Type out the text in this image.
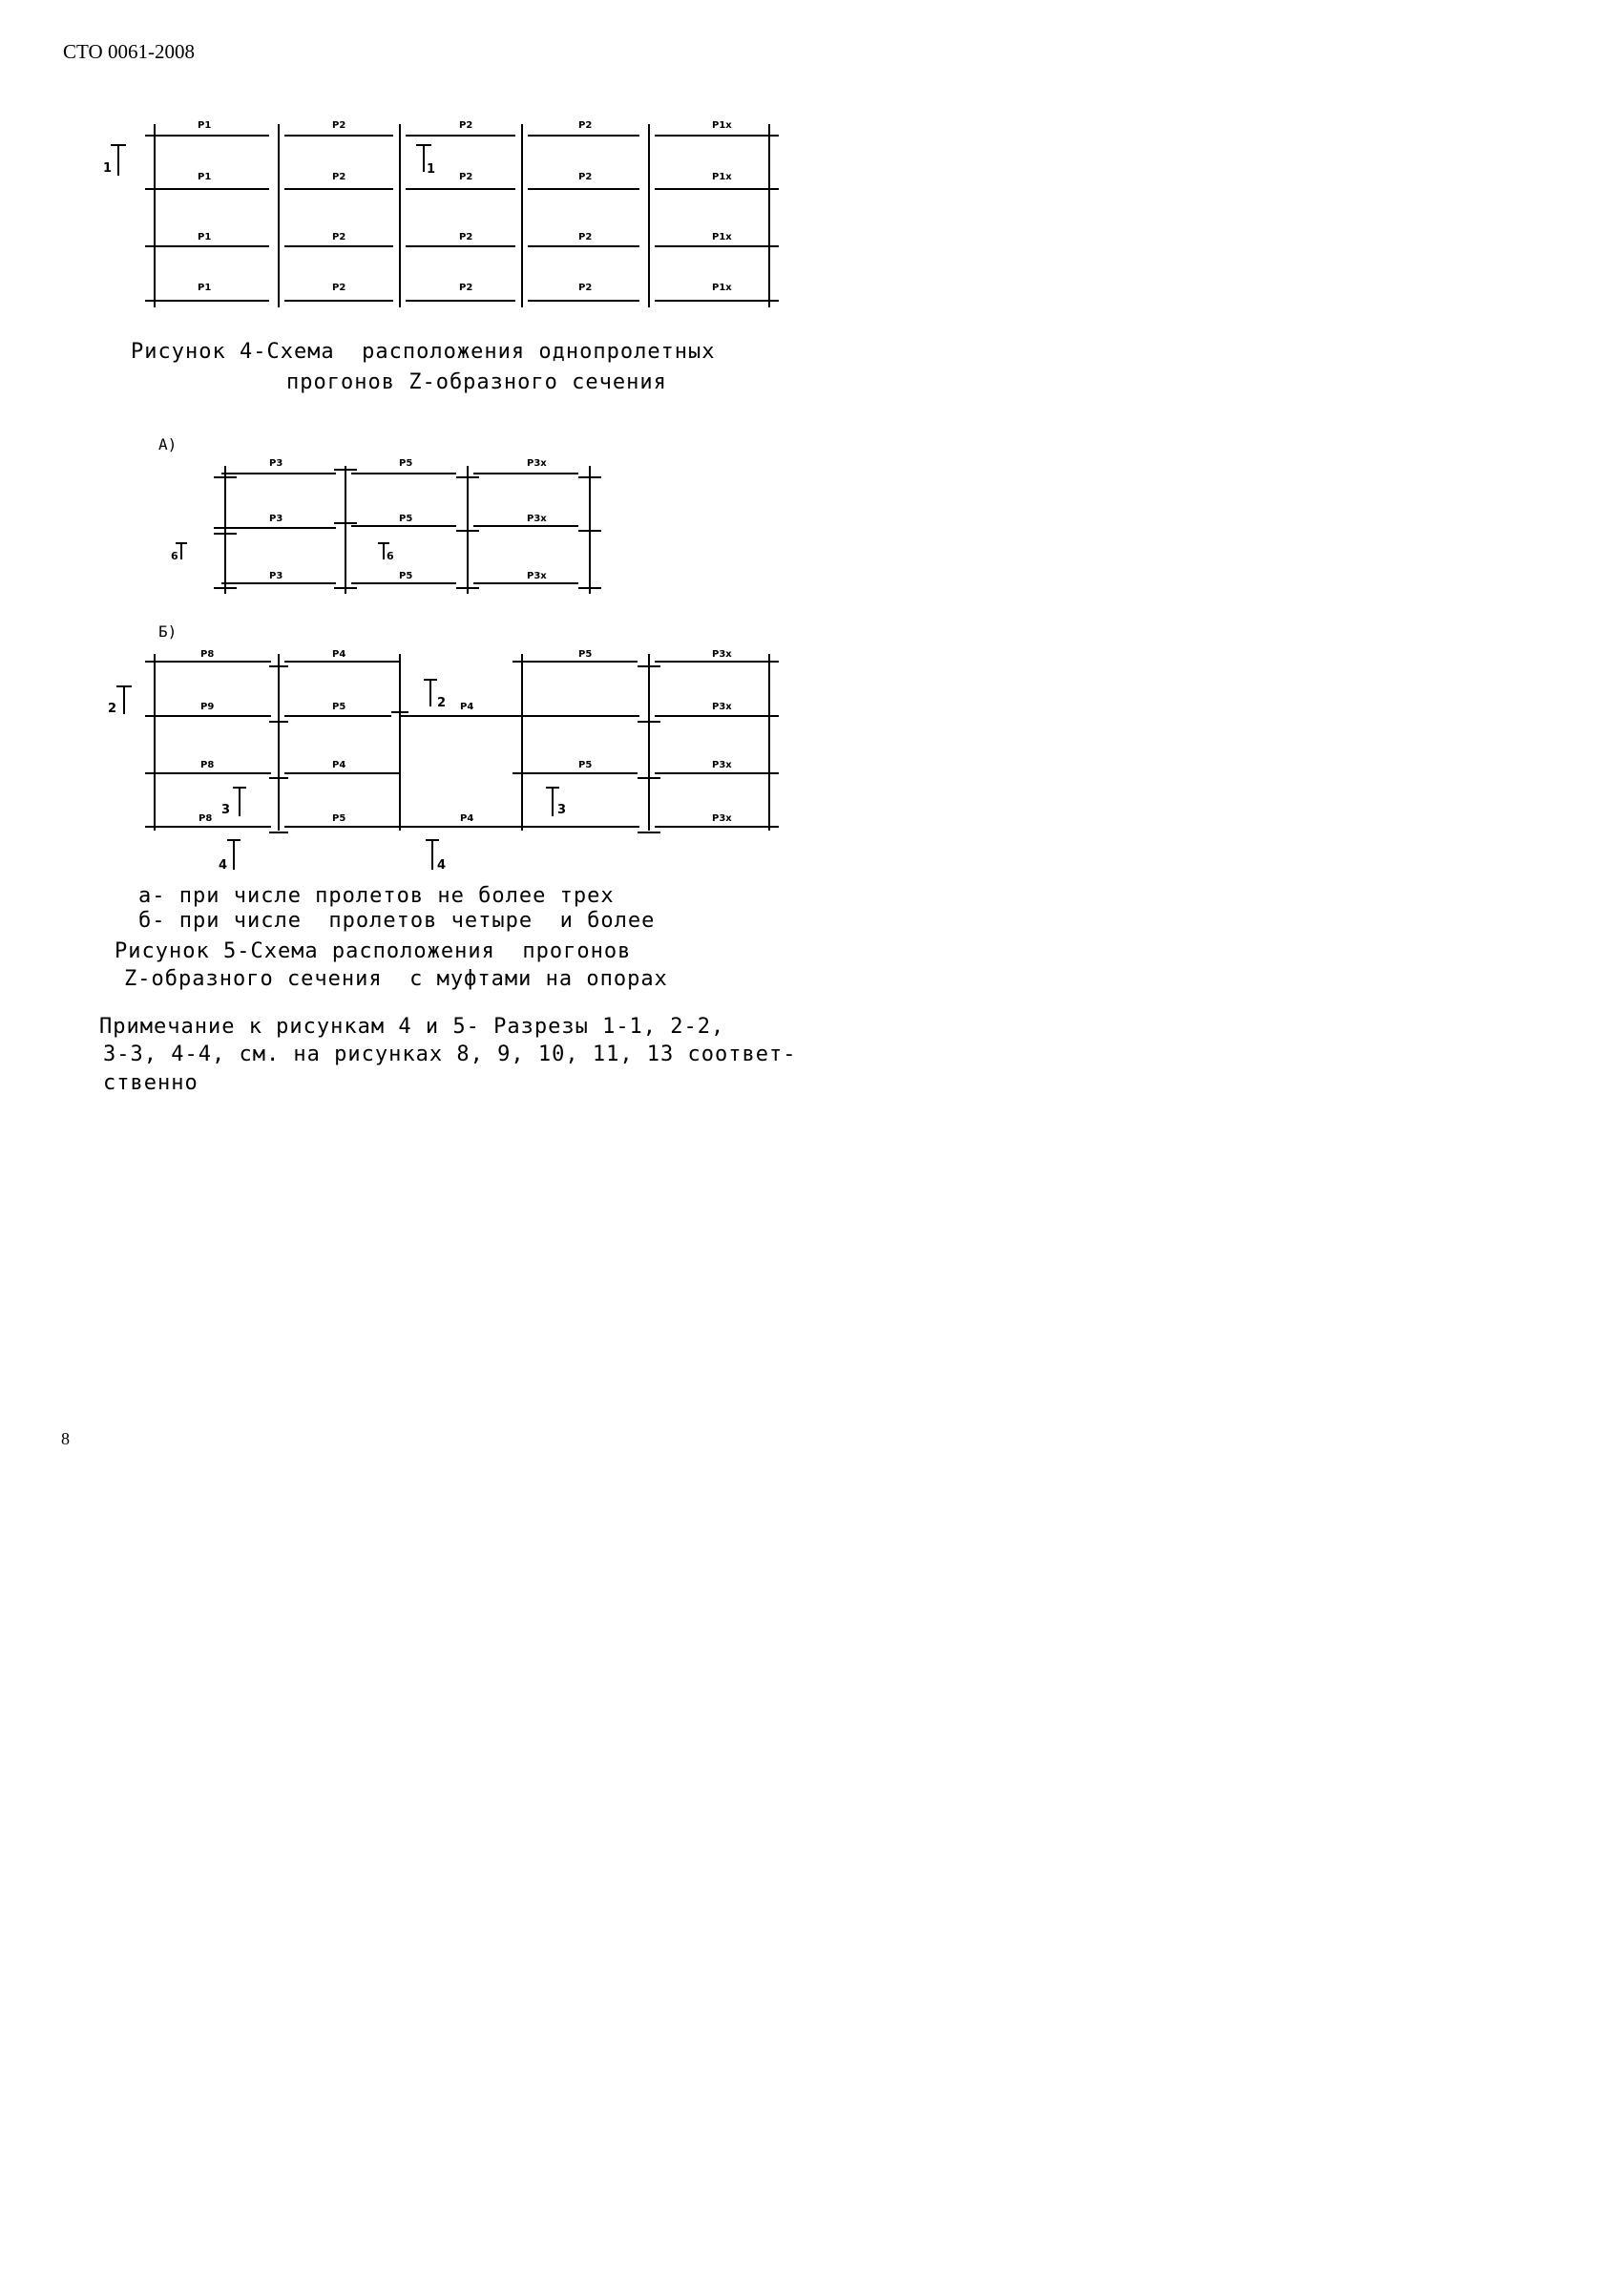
СТО 0061-2008
P1	P2	P2	P2	P1x
P1	P2	P2	P2	P1x
P1	P2	P2	P2	P1x
P1	P2	P2	P2	P1x
1	1
P3	P5	P3x
P3	P5	P3x
P3	P5	P3x
6	6
P8	P4	P5	P3x
P9	P5	P4	P3x
P8	P4	P5	P3x
P8	P5	P4	P3x
2	2
3	3
4	4
Рисунок 4-Схема  расположения однопролетных
прогонов Z-образного сечения
А)
Б)
а- при числе пролетов не более трех
б- при числе  пролетов четыре  и более
Рисунок 5-Схема расположения  прогонов
Z-образного сечения  с муфтами на опорах
Примечание к рисункам 4 и 5- Разрезы 1-1, 2-2,
3-3, 4-4, см. на рисунках 8, 9, 10, 11, 13 соответ-
ственно
8
